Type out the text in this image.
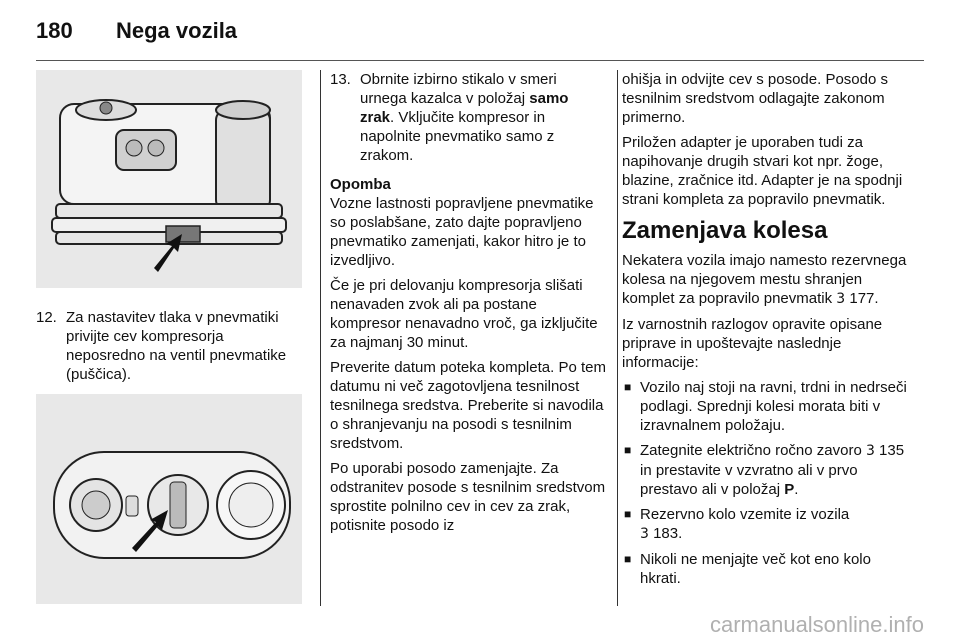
180 Nega vozila
12. Za nastavitev tlaka v pnevmatiki privijte cev kompresorja neposredno na ventil pnevmatike (puščica).
13. Obrnite izbirno stikalo v smeri urnega kazalca v položaj samo zrak. Vključite kompresor in napolnite pnevmatiko samo z zrakom.

Opomba

Vozne lastnosti popravljene pnevmatike so poslabšane, zato dajte popravljeno pnevmatiko zamenjati, kakor hitro je to izvedljivo.

Če je pri delovanju kompresorja slišati nenavaden zvok ali pa postane kompresor nenavadno vroč, ga izklјučite za najmanj 30 minut.

Preverite datum poteka kompleta. Po tem datumu ni več zagotovljena tesnilnost tesnilnega sredstva. Preberite si navodila o shranjevanju na posodi s tesnilnim sredstvom.

Po uporabi posodo zamenjajte. Za odstranitev posode s tesnilnim sredstvom sprostite polnilno cev in cev za zrak, potisnite posodo iz

ohišja in odvijte cev s posode. Posodo s tesnilnim sredstvom odlagajte zakonom primerno.

Priložen adapter je uporaben tudi za napihovanje drugih stvari kot npr. žoge, blazine, zračnice itd. Adapter je na spodnji strani kompleta za popravilo pnevmatik.

Zamenjava kolesa

Nekatera vozila imajo namesto rezervnega kolesa na njegovem mestu shranjen komplet za popravilo pnevmatik 3 177.

Iz varnostnih razlogov opravite opisane priprave in upoštevajte naslednje informacije:

■ Vozilo naj stoji na ravni, trdni in nedrseči podlagi. Sprednji kolesi morata biti v izravnalnem položaju.
■ Zategnite električno ročno zavoro 3 135 in prestavite v vzvratno ali v prvo prestavo ali v položaj P.
■ Rezervno kolo vzemite iz vozila
3 183.
■ Nikoli ne menjajte več kot eno kolo hkrati.
carmanualsonline.info
